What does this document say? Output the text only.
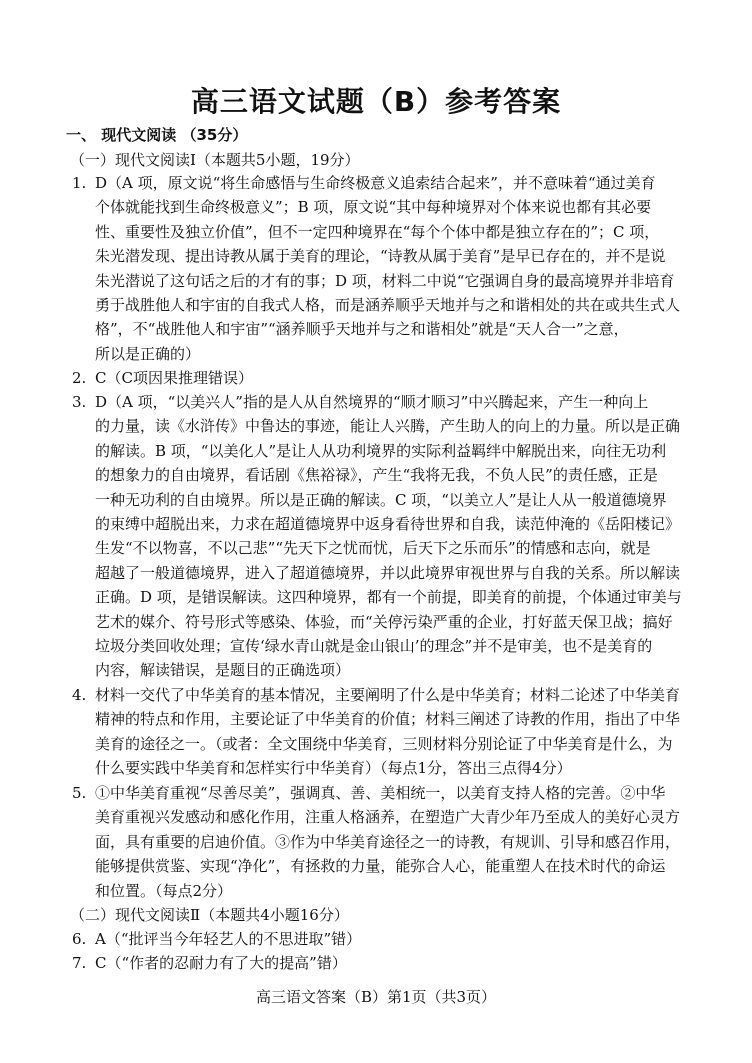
高三语文试题（B）参考答案
一、 现代文阅读 （35分）
（一）现代文阅读Ⅰ（本题共5小题，19分）
1. D（A 项，原文说“将生命感悟与生命终极意义追索结合起来”，并不意味着“通过美育
个体就能找到生命终极意义”；B 项，原文说“其中每种境界对个体来说也都有其必要
性、重要性及独立价值”，但不一定四种境界在“每个个体中都是独立存在的”；C 项，
朱光潜发现、提出诗教从属于美育的理论，“诗教从属于美育”是早已存在的，并不是说
朱光潜说了这句话之后的才有的事；D 项，材料二中说“它强调自身的最高境界并非培育
勇于战胜他人和宇宙的自我式人格，而是涵养顺乎天地并与之和谐相处的共在或共生式人
格”，不“战胜他人和宇宙”“涵养顺乎天地并与之和谐相处”就是“天人合一”之意，
所以是正确的）
2. C（C项因果推理错误）
3. D（A 项，“以美兴人”指的是人从自然境界的“顺才顺习”中兴腾起来，产生一种向上
的力量，读《水浒传》中鲁达的事迹，能让人兴腾，产生助人的向上的力量。所以是正确
的解读。B 项，“以美化人”是让人从功利境界的实际利益羁绊中解脱出来，向往无功利
的想象力的自由境界，看话剧《焦裕禄》，产生“我将无我，不负人民”的责任感，正是
一种无功利的自由境界。所以是正确的解读。C 项，“以美立人”是让人从一般道德境界
的束缚中超脱出来，力求在超道德境界中返身看待世界和自我，读范仲淹的《岳阳楼记》
生发“不以物喜，不以己悲”“先天下之忧而忧，后天下之乐而乐”的情感和志向，就是
超越了一般道德境界，进入了超道德境界，并以此境界审视世界与自我的关系。所以解读
正确。D 项，是错误解读。这四种境界，都有一个前提，即美育的前提，个体通过审美与
艺术的媒介、符号形式等感染、体验，而“关停污染严重的企业，打好蓝天保卫战；搞好
垃圾分类回收处理；宣传‘绿水青山就是金山银山’的理念”并不是审美，也不是美育的
内容，解读错误，是题目的正确选项）
4. 材料一交代了中华美育的基本情况，主要阐明了什么是中华美育；材料二论述了中华美育
精神的特点和作用，主要论证了中华美育的价值；材料三阐述了诗教的作用，指出了中华
美育的途径之一。（或者：全文围绕中华美育，三则材料分别论证了中华美育是什么，为
什么要实践中华美育和怎样实行中华美育）（每点1分，答出三点得4分）
5. ①中华美育重视“尽善尽美”，强调真、善、美相统一，以美育支持人格的完善。②中华
美育重视兴发感动和感化作用，注重人格涵养，在塑造广大青少年乃至成人的美好心灵方
面，具有重要的启迪价值。③作为中华美育途径之一的诗教，有规训、引导和感召作用，
能够提供赏鉴、实现“净化”，有拯救的力量，能弥合人心，能重塑人在技术时代的命运
和位置。（每点2分）
（二）现代文阅读Ⅱ（本题共4小题16分）
6. A（“批评当今年轻艺人的不思进取”错）
7. C（“作者的忍耐力有了大的提高”错）
高三语文答案（B）第1页（共3页）
